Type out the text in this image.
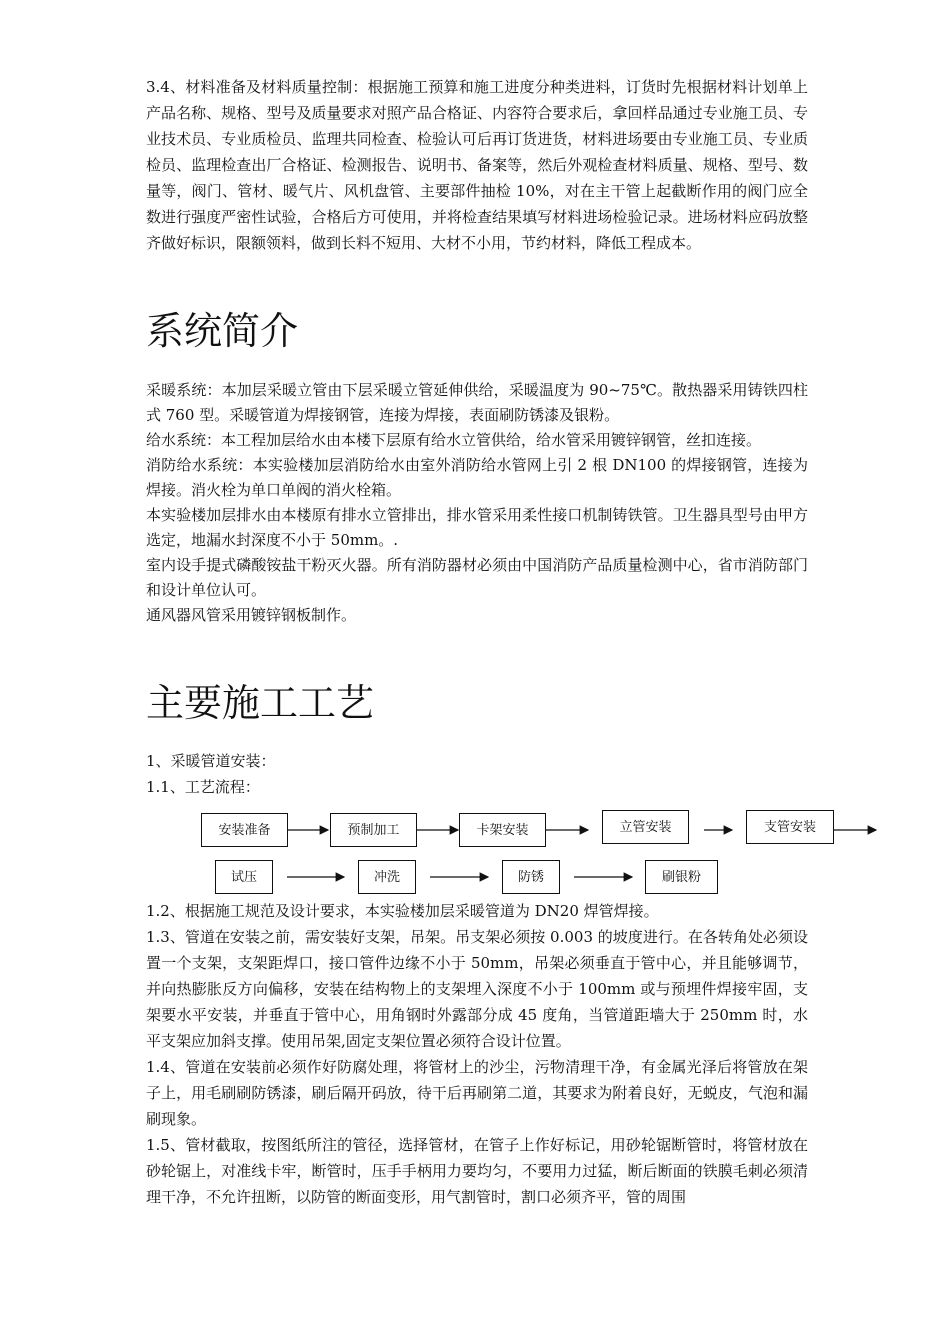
3.4、材料准备及材料质量控制：根据施工预算和施工进度分种类进料，订货时先根据材料计划单上产品名称、规格、型号及质量要求对照产品合格证、内容符合要求后，拿回样品通过专业施工员、专业技术员、专业质检员、监理共同检查、检验认可后再订货进货，材料进场要由专业施工员、专业质检员、监理检查出厂合格证、检测报告、说明书、备案等，然后外观检查材料质量、规格、型号、数量等，阀门、管材、暖气片、风机盘管、主要部件抽检 10%，对在主干管上起截断作用的阀门应全数进行强度严密性试验，合格后方可使用，并将检查结果填写材料进场检验记录。进场材料应码放整齐做好标识，限额领料，做到长料不短用、大材不小用，节约材料，降低工程成本。

系统简介

采暖系统：本加层采暖立管由下层采暖立管延伸供给，采暖温度为 90~75℃。散热器采用铸铁四柱式 760 型。采暖管道为焊接钢管，连接为焊接，表面刷防锈漆及银粉。

给水系统：本工程加层给水由本楼下层原有给水立管供给，给水管采用镀锌钢管，丝扣连接。

消防给水系统：本实验楼加层消防给水由室外消防给水管网上引 2 根 DN100 的焊接钢管，连接为焊接。消火栓为单口单阀的消火栓箱。

本实验楼加层排水由本楼原有排水立管排出，排水管采用柔性接口机制铸铁管。卫生器具型号由甲方选定，地漏水封深度不小于 50mm。.

室内设手提式磷酸铵盐干粉灭火器。所有消防器材必须由中国消防产品质量检测中心，省市消防部门和设计单位认可。

通风器风管采用镀锌钢板制作。

主要施工工艺

1、采暖管道安装：

1.1、工艺流程：

安装准备	预制加工	卡架安装	立管安装	支管安装
试压	冲洗	防锈	刷银粉

1.2、根据施工规范及设计要求，本实验楼加层采暖管道为 DN20 焊管焊接。

1.3、管道在安装之前，需安装好支架，吊架。吊支架必须按 0.003 的坡度进行。在各转角处必须设置一个支架，支架距焊口，接口管件边缘不小于 50mm，吊架必须垂直于管中心，并且能够调节，并向热膨胀反方向偏移，安装在结构物上的支架埋入深度不小于 100mm 或与预埋件焊接牢固，支架要水平安装，并垂直于管中心，用角钢时外露部分成 45 度角，当管道距墙大于 250mm 时，水平支架应加斜支撑。使用吊架,固定支架位置必须符合设计位置。

1.4、管道在安装前必须作好防腐处理，将管材上的沙尘，污物清理干净，有金属光泽后将管放在架子上，用毛刷刷防锈漆，刷后隔开码放，待干后再刷第二道，其要求为附着良好，无蜕皮，气泡和漏刷现象。

1.5、管材截取，按图纸所注的管径，选择管材，在管子上作好标记，用砂轮锯断管时，将管材放在砂轮锯上，对准线卡牢，断管时，压手手柄用力要均匀，不要用力过猛，断后断面的铁膜毛刺必须清理干净，不允许扭断，以防管的断面变形，用气割管时，割口必须齐平，管的周围
